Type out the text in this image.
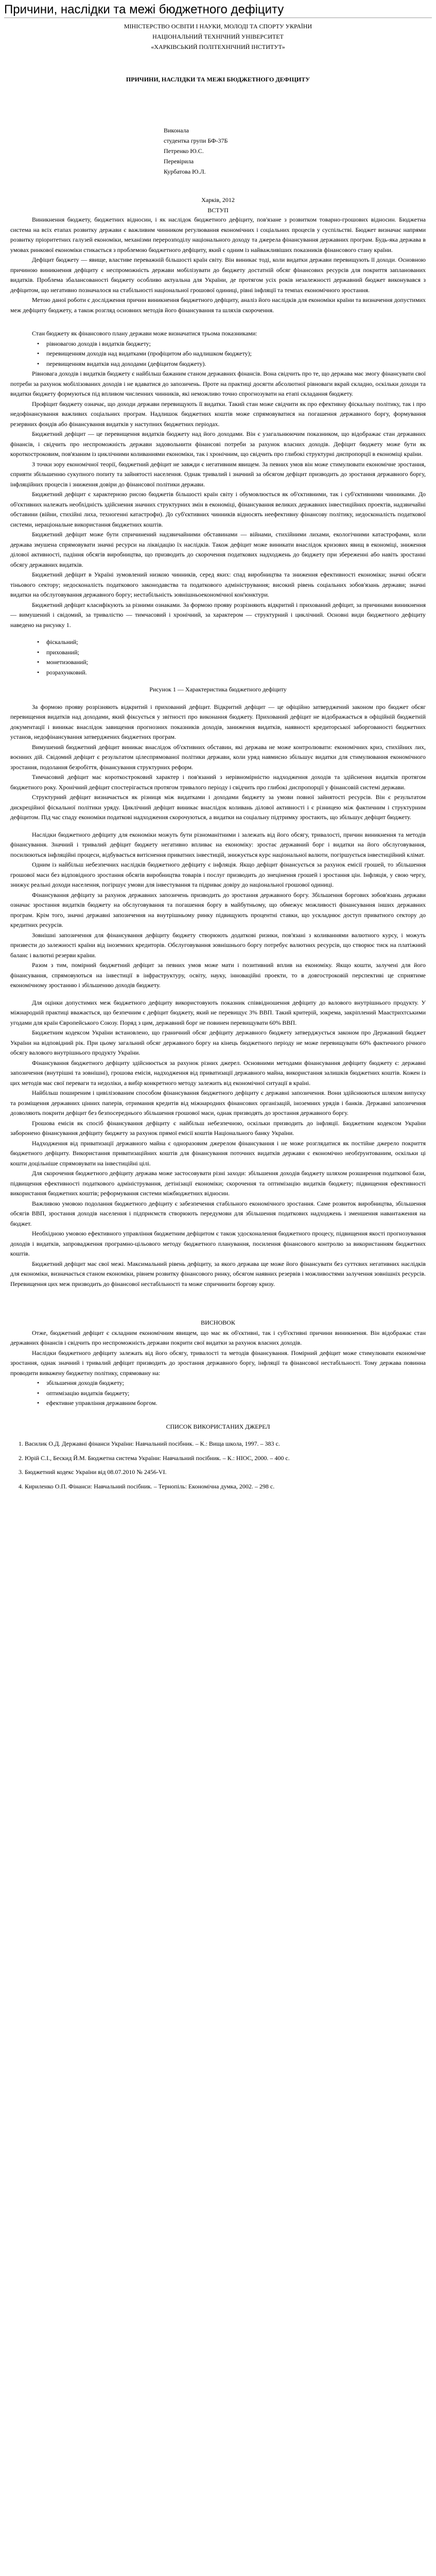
Причини, наслідки та межі бюджетного дефіциту
МІНІСТЕРСТВО ОСВІТИ І НАУКИ, МОЛОДІ ТА СПОРТУ УКРАЇНИ
НАЦІОНАЛЬНИЙ ТЕХНІЧНИЙ УНІВЕРСИТЕТ
«ХАРКІВСЬКИЙ ПОЛІТЕХНІЧНИЙ ІНСТИТУТ»
ПРИЧИНИ, НАСЛІДКИ ТА МЕЖІ БЮДЖЕТНОГО ДЕФІЦИТУ
Виконала
студентка групи БФ-37Б
Петренко Ю.С.
Перевірила
Курбатова Ю.Л.
Харків, 2012
ВСТУП

Виникнення бюджету, бюджетних відносин, і як наслідок бюджетного дефіциту, пов'язане з розвитком товарно-грошових відносин. Бюджетна система на всіх етапах розвитку держави є важливим чинником регулювання економічних і соціальних процесів у суспільстві. Бюджет визначає напрями розвитку пріоритетних галузей економіки, механізми перерозподілу національного доходу та джерела фінансування державних програм. Будь-яка держава в умовах ринкової економіки стикається з проблемою бюджетного дефіциту, який є одним із найважливіших показників фінансового стану країни.

Дефіцит бюджету — явище, властиве переважній більшості країн світу. Він виникає тоді, коли видатки держави перевищують її доходи. Основною причиною виникнення дефіциту є неспроможність держави мобілізувати до бюджету достатній обсяг фінансових ресурсів для покриття запланованих видатків. Проблема збалансованості бюджету особливо актуальна для України, де протягом усіх років незалежності державний бюджет виконувався з дефіцитом, що негативно позначалося на стабільності національної грошової одиниці, рівні інфляції та темпах економічного зростання.

Метою даної роботи є дослідження причин виникнення бюджетного дефіциту, аналіз його наслідків для економіки країни та визначення допустимих меж дефіциту бюджету, а також розгляд основних методів його фінансування та шляхів скорочення.

Стан бюджету як фінансового плану держави може визначатися трьома показниками:

• рівновагою доходів і видатків бюджету;
• перевищенням доходів над видатками (профіцитом або надлишком бюджету);
• перевищенням видатків над доходами (дефіцитом бюджету).

Рівновага доходів і видатків бюджету є найбільш бажаним станом державних фінансів. Вона свідчить про те, що держава має змогу фінансувати свої потреби за рахунок мобілізованих доходів і не вдаватися до запозичень. Проте на практиці досягти абсолютної рівноваги вкрай складно, оскільки доходи та видатки бюджету формуються під впливом численних чинників, які неможливо точно спрогнозувати на етапі складання бюджету.

Профіцит бюджету означає, що доходи держави перевищують її видатки. Такий стан може свідчити як про ефективну фіскальну політику, так і про недофінансування важливих соціальних програм. Надлишок бюджетних коштів може спрямовуватися на погашення державного боргу, формування резервних фондів або фінансування видатків у наступних бюджетних періодах.

Бюджетний дефіцит — це перевищення видатків бюджету над його доходами. Він є узагальнюючим показником, що відображає стан державних фінансів, і свідчить про неспроможність держави задовольнити фінансові потреби за рахунок власних доходів. Дефіцит бюджету може бути як короткостроковим, пов'язаним із циклічними коливаннями економіки, так і хронічним, що свідчить про глибокі структурні диспропорції в економіці країни.

З точки зору економічної теорії, бюджетний дефіцит не завжди є негативним явищем. За певних умов він може стимулювати економічне зростання, сприяти збільшенню сукупного попиту та зайнятості населення. Однак тривалий і значний за обсягом дефіцит призводить до зростання державного боргу, інфляційних процесів і зниження довіри до фінансової політики держави.

Бюджетний дефіцит є характерною рисою бюджетів більшості країн світу і обумовлюється як об'єктивними, так і суб'єктивними чинниками. До об'єктивних належать необхідність здійснення значних структурних змін в економіці, фінансування великих державних інвестиційних проектів, надзвичайні обставини (війни, стихійні лиха, техногенні катастрофи). До суб'єктивних чинників відносять неефективну фінансову політику, недосконалість податкової системи, нераціональне використання бюджетних коштів.

Бюджетний дефіцит може бути спричинений надзвичайними обставинами — війнами, стихійними лихами, екологічними катастрофами, коли держава змушена спрямовувати значні ресурси на ліквідацію їх наслідків. Також дефіцит може виникати внаслідок кризових явищ в економіці, зниження ділової активності, падіння обсягів виробництва, що призводить до скорочення податкових надходжень до бюджету при збереженні або навіть зростанні обсягу державних видатків.

Бюджетний дефіцит в Україні зумовлений низкою чинників, серед яких: спад виробництва та зниження ефективності економіки; значні обсяги тіньового сектору; недосконалість податкового законодавства та податкового адміністрування; високий рівень соціальних зобов'язань держави; значні видатки на обслуговування державного боргу; нестабільність зовнішньоекономічної кон'юнктури.

Бюджетний дефіцит класифікують за різними ознаками. За формою прояву розрізняють відкритий і прихований дефіцит, за причинами виникнення — вимушений і свідомий, за тривалістю — тимчасовий і хронічний, за характером — структурний і циклічний. Основні види бюджетного дефіциту наведено на рисунку 1.

• фіскальний;
• прихований;
• монетизований;
• розрахунковий.
Рисунок 1 — Характеристика бюджетного дефіциту

За формою прояву розрізняють відкритий і прихований дефіцит. Відкритий дефіцит — це офіційно затверджений законом про бюджет обсяг перевищення видатків над доходами, який фіксується у звітності про виконання бюджету. Прихований дефіцит не відображається в офіційній бюджетній документації і виникає внаслідок завищення прогнозних показників доходів, заниження видатків, наявності кредиторської заборгованості бюджетних установ, недофінансування затверджених бюджетних програм.

Вимушений бюджетний дефіцит виникає внаслідок об'єктивних обставин, які держава не може контролювати: економічних криз, стихійних лих, воєнних дій. Свідомий дефіцит є результатом цілеспрямованої політики держави, коли уряд навмисно збільшує видатки для стимулювання економічного зростання, подолання безробіття, фінансування структурних реформ.

Тимчасовий дефіцит має короткостроковий характер і пов'язаний з нерівномірністю надходження доходів та здійснення видатків протягом бюджетного року. Хронічний дефіцит спостерігається протягом тривалого періоду і свідчить про глибокі диспропорції у фінансовій системі держави.

Структурний дефіцит визначається як різниця між видатками і доходами бюджету за умови повної зайнятості ресурсів. Він є результатом дискреційної фіскальної політики уряду. Циклічний дефіцит виникає внаслідок коливань ділової активності і є різницею між фактичним і структурним дефіцитом. Під час спаду економіки податкові надходження скорочуються, а видатки на соціальну підтримку зростають, що збільшує дефіцит бюджету.

Наслідки бюджетного дефіциту для економіки можуть бути різноманітними і залежать від його обсягу, тривалості, причин виникнення та методів фінансування. Значний і тривалий дефіцит бюджету негативно впливає на економіку: зростає державний борг і видатки на його обслуговування, посилюються інфляційні процеси, відбувається витіснення приватних інвестицій, знижується курс національної валюти, погіршується інвестиційний клімат.

Одним із найбільш небезпечних наслідків бюджетного дефіциту є інфляція. Якщо дефіцит фінансується за рахунок емісії грошей, то збільшення грошової маси без відповідного зростання обсягів виробництва товарів і послуг призводить до знецінення грошей і зростання цін. Інфляція, у свою чергу, знижує реальні доходи населення, погіршує умови для інвестування та підриває довіру до національної грошової одиниці.

Фінансування дефіциту за рахунок державних запозичень призводить до зростання державного боргу. Збільшення боргових зобов'язань держави означає зростання видатків бюджету на обслуговування та погашення боргу в майбутньому, що обмежує можливості фінансування інших державних програм. Крім того, значні державні запозичення на внутрішньому ринку підвищують процентні ставки, що ускладнює доступ приватного сектору до кредитних ресурсів.

Зовнішні запозичення для фінансування дефіциту бюджету створюють додаткові ризики, пов'язані з коливаннями валютного курсу, і можуть призвести до залежності країни від іноземних кредиторів. Обслуговування зовнішнього боргу потребує валютних ресурсів, що створює тиск на платіжний баланс і валютні резерви країни.

Разом з тим, помірний бюджетний дефіцит за певних умов може мати і позитивний вплив на економіку. Якщо кошти, залучені для його фінансування, спрямовуються на інвестиції в інфраструктуру, освіту, науку, інноваційні проекти, то в довгостроковій перспективі це сприятиме економічному зростанню і збільшенню доходів бюджету.

Для оцінки допустимих меж бюджетного дефіциту використовують показник співвідношення дефіциту до валового внутрішнього продукту. У міжнародній практиці вважається, що безпечним є дефіцит бюджету, який не перевищує 3% ВВП. Такий критерій, зокрема, закріплений Маастрихтськими угодами для країн Європейського Союзу. Поряд з цим, державний борг не повинен перевищувати 60% ВВП.

Бюджетним кодексом України встановлено, що граничний обсяг дефіциту державного бюджету затверджується законом про Державний бюджет України на відповідний рік. При цьому загальний обсяг державного боргу на кінець бюджетного періоду не може перевищувати 60% фактичного річного обсягу валового внутрішнього продукту України.

Фінансування бюджетного дефіциту здійснюється за рахунок різних джерел. Основними методами фінансування дефіциту бюджету є: державні запозичення (внутрішні та зовнішні), грошова емісія, надходження від приватизації державного майна, використання залишків бюджетних коштів. Кожен із цих методів має свої переваги та недоліки, а вибір конкретного методу залежить від економічної ситуації в країні.

Найбільш поширеним і цивілізованим способом фінансування бюджетного дефіциту є державні запозичення. Вони здійснюються шляхом випуску та розміщення державних цінних паперів, отримання кредитів від міжнародних фінансових організацій, іноземних урядів і банків. Державні запозичення дозволяють покрити дефіцит без безпосереднього збільшення грошової маси, однак призводять до зростання державного боргу.

Грошова емісія як спосіб фінансування дефіциту є найбільш небезпечною, оскільки призводить до інфляції. Бюджетним кодексом України заборонено фінансування дефіциту бюджету за рахунок прямої емісії коштів Національного банку України.

Надходження від приватизації державного майна є одноразовим джерелом фінансування і не може розглядатися як постійне джерело покриття бюджетного дефіциту. Використання приватизаційних коштів для фінансування поточних видатків держави є економічно необґрунтованим, оскільки ці кошти доцільніше спрямовувати на інвестиційні цілі.

Для скорочення бюджетного дефіциту держава може застосовувати різні заходи: збільшення доходів бюджету шляхом розширення податкової бази, підвищення ефективності податкового адміністрування, детінізації економіки; скорочення та оптимізацію видатків бюджету; підвищення ефективності використання бюджетних коштів; реформування системи міжбюджетних відносин.

Важливою умовою подолання бюджетного дефіциту є забезпечення стабільного економічного зростання. Саме розвиток виробництва, збільшення обсягів ВВП, зростання доходів населення і підприємств створюють передумови для збільшення податкових надходжень і зменшення навантаження на бюджет.

Необхідною умовою ефективного управління бюджетним дефіцитом є також удосконалення бюджетного процесу, підвищення якості прогнозування доходів і видатків, запровадження програмно-цільового методу бюджетного планування, посилення фінансового контролю за використанням бюджетних коштів.

Бюджетний дефіцит має свої межі. Максимальний рівень дефіциту, за якого держава ще може його фінансувати без суттєвих негативних наслідків для економіки, визначається станом економіки, рівнем розвитку фінансового ринку, обсягом наявних резервів і можливостями залучення зовнішніх ресурсів. Перевищення цих меж призводить до фінансової нестабільності та може спричинити боргову кризу.

ВИСНОВОК

Отже, бюджетний дефіцит є складним економічним явищем, що має як об'єктивні, так і суб'єктивні причини виникнення. Він відображає стан державних фінансів і свідчить про неспроможність держави покрити свої видатки за рахунок власних доходів.

Наслідки бюджетного дефіциту залежать від його обсягу, тривалості та методів фінансування. Помірний дефіцит може стимулювати економічне зростання, однак значний і тривалий дефіцит призводить до зростання державного боргу, інфляції та фінансової нестабільності. Тому держава повинна проводити виважену бюджетну політику, спрямовану на:

• збільшення доходів бюджету;
• оптимізацію видатків бюджету;
• ефективне управління державним боргом.
СПИСОК ВИКОРИСТАНИХ ДЖЕРЕЛ
1. Василик О.Д. Державні фінанси України: Навчальний посібник. – К.: Вища школа, 1997. – 383 с.
2. Юрій С.І., Бескид Й.М. Бюджетна система України: Навчальний посібник. – К.: НІОС, 2000. – 400 с.
3. Бюджетний кодекс України від 08.07.2010 № 2456-VI.
4. Кириленко О.П. Фінанси: Навчальний посібник. – Тернопіль: Економічна думка, 2002. – 298 с.
